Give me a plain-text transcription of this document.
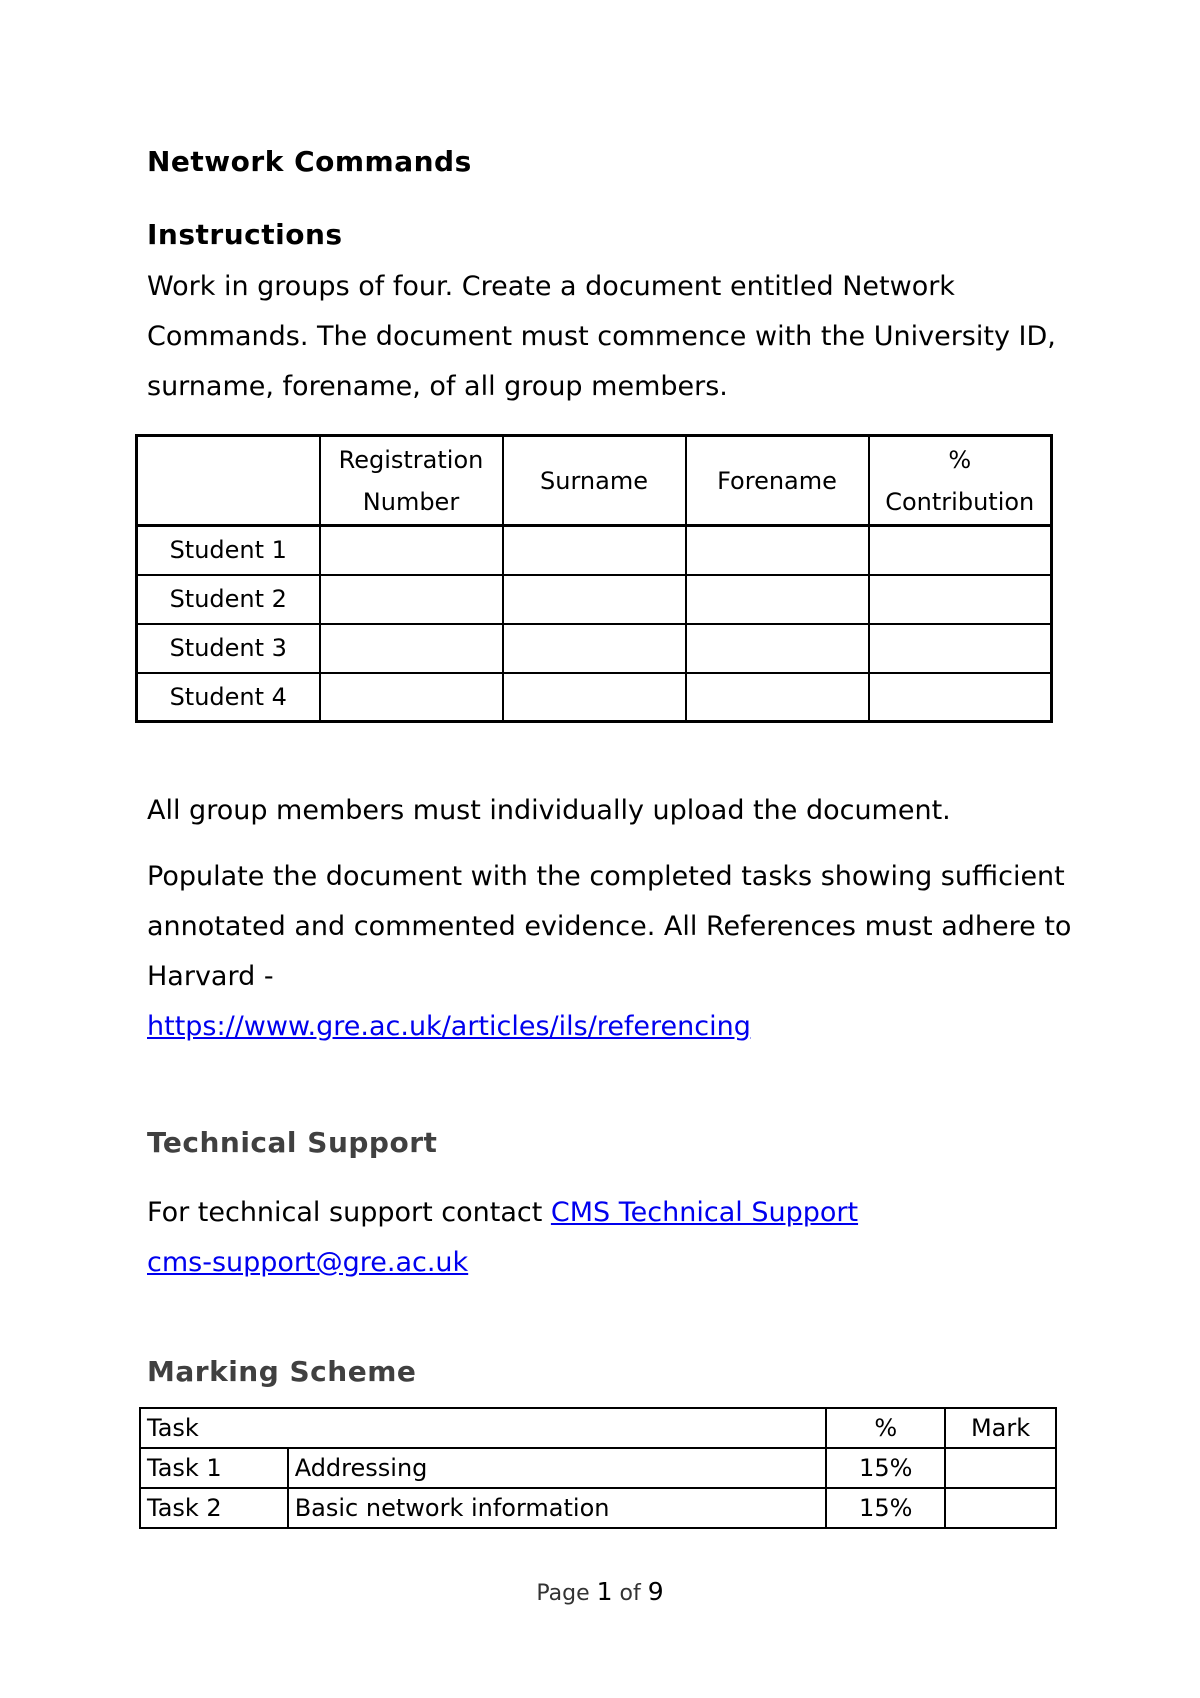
Network Commands
Instructions
Work in groups of four. Create a document entitled Network Commands. The document must commence with the University ID, surname, forename, of all group members.
	Registration Number	Surname	Forename	% Contribution
Student 1				
Student 2				
Student 3				
Student 4				
All group members must individually upload the document.
Populate the document with the completed tasks showing sufficient annotated and commented evidence. All References must adhere to Harvard -
https://www.gre.ac.uk/articles/ils/referencing
Technical Support
For technical support contact CMS Technical Support
cms-support@gre.ac.uk
Marking Scheme
Task		%	Mark
Task 1	Addressing	15%	
Task 2	Basic network information	15%	
Page 1 of 9
